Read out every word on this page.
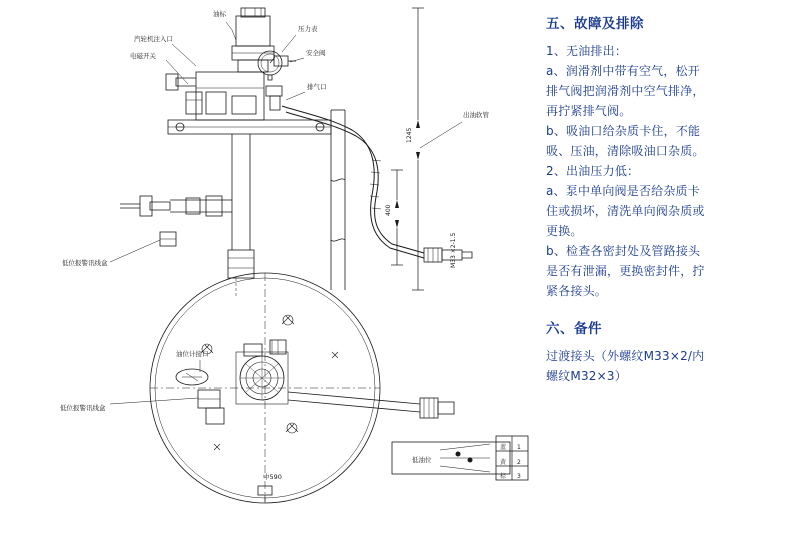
油标
汽轮机注入口
电磁开关
压力表
安全阀
排气口
出油软管
低位报警讯线盒
1245
400
M33 ×2-1.5
油位计接口
低位报警讯线盒
中590
低油位
蓝
黄
棕
1
2
3
五、故障及排除

1、无油排出：

a、润滑剂中带有空气，松开

排气阀把润滑剂中空气排净，

再拧紧排气阀。

b、吸油口给杂质卡住，不能

吸、压油，清除吸油口杂质。

2、出油压力低：

a、泵中单向阀是否给杂质卡

住或损坏，清洗单向阀杂质或

更换。

b、检查各密封处及管路接头

是否有泄漏，更换密封件，拧

紧各接头。

六、备件

过渡接头（外螺纹M33×2/内

螺纹M32×3）
